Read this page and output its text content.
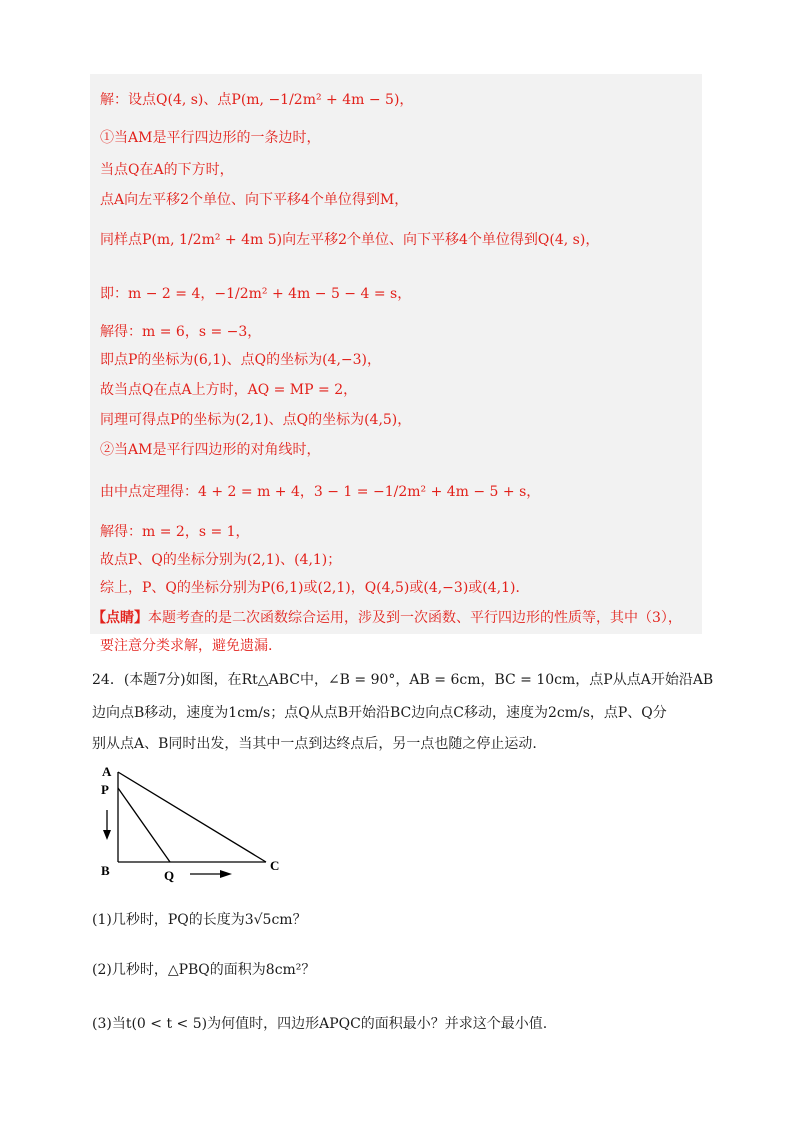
解：设点Q(4, s)、点P(m, −1/2m² + 4m − 5)，
①当AM是平行四边形的一条边时，
当点Q在A的下方时，
点A向左平移2个单位、向下平移4个单位得到M，
同样点P(m, 1/2m² + 4m 5)向左平移2个单位、向下平移4个单位得到Q(4, s)，
即：m − 2 = 4，−1/2m² + 4m − 5 − 4 = s，
解得：m = 6，s = −3，
即点P的坐标为(6,1)、点Q的坐标为(4,−3)，
故当点Q在点A上方时，AQ = MP = 2，
同理可得点P的坐标为(2,1)、点Q的坐标为(4,5)，
②当AM是平行四边形的对角线时，
由中点定理得：4 + 2 = m + 4，3 − 1 = −1/2m² + 4m − 5 + s，
解得：m = 2，s = 1，
故点P、Q的坐标分别为(2,1)、(4,1)；
综上，P、Q的坐标分别为P(6,1)或(2,1)，Q(4,5)或(4,−3)或(4,1)．
【点睛】本题考查的是二次函数综合运用，涉及到一次函数、平行四边形的性质等，其中（3），
要注意分类求解，避免遗漏.
24．(本题7分)如图，在Rt△ABC中，∠B = 90°，AB = 6cm，BC = 10cm，点P从点A开始沿AB
边向点B移动，速度为1cm/s；点Q从点B开始沿BC边向点C移动，速度为2cm/s，点P、Q分
别从点A、B同时出发，当其中一点到达终点后，另一点也随之停止运动.
A
P
B	Q
C
(1)几秒时，PQ的长度为3√5cm？
(2)几秒时，△PBQ的面积为8cm²？
(3)当t(0 < t < 5)为何值时，四边形APQC的面积最小？并求这个最小值.
